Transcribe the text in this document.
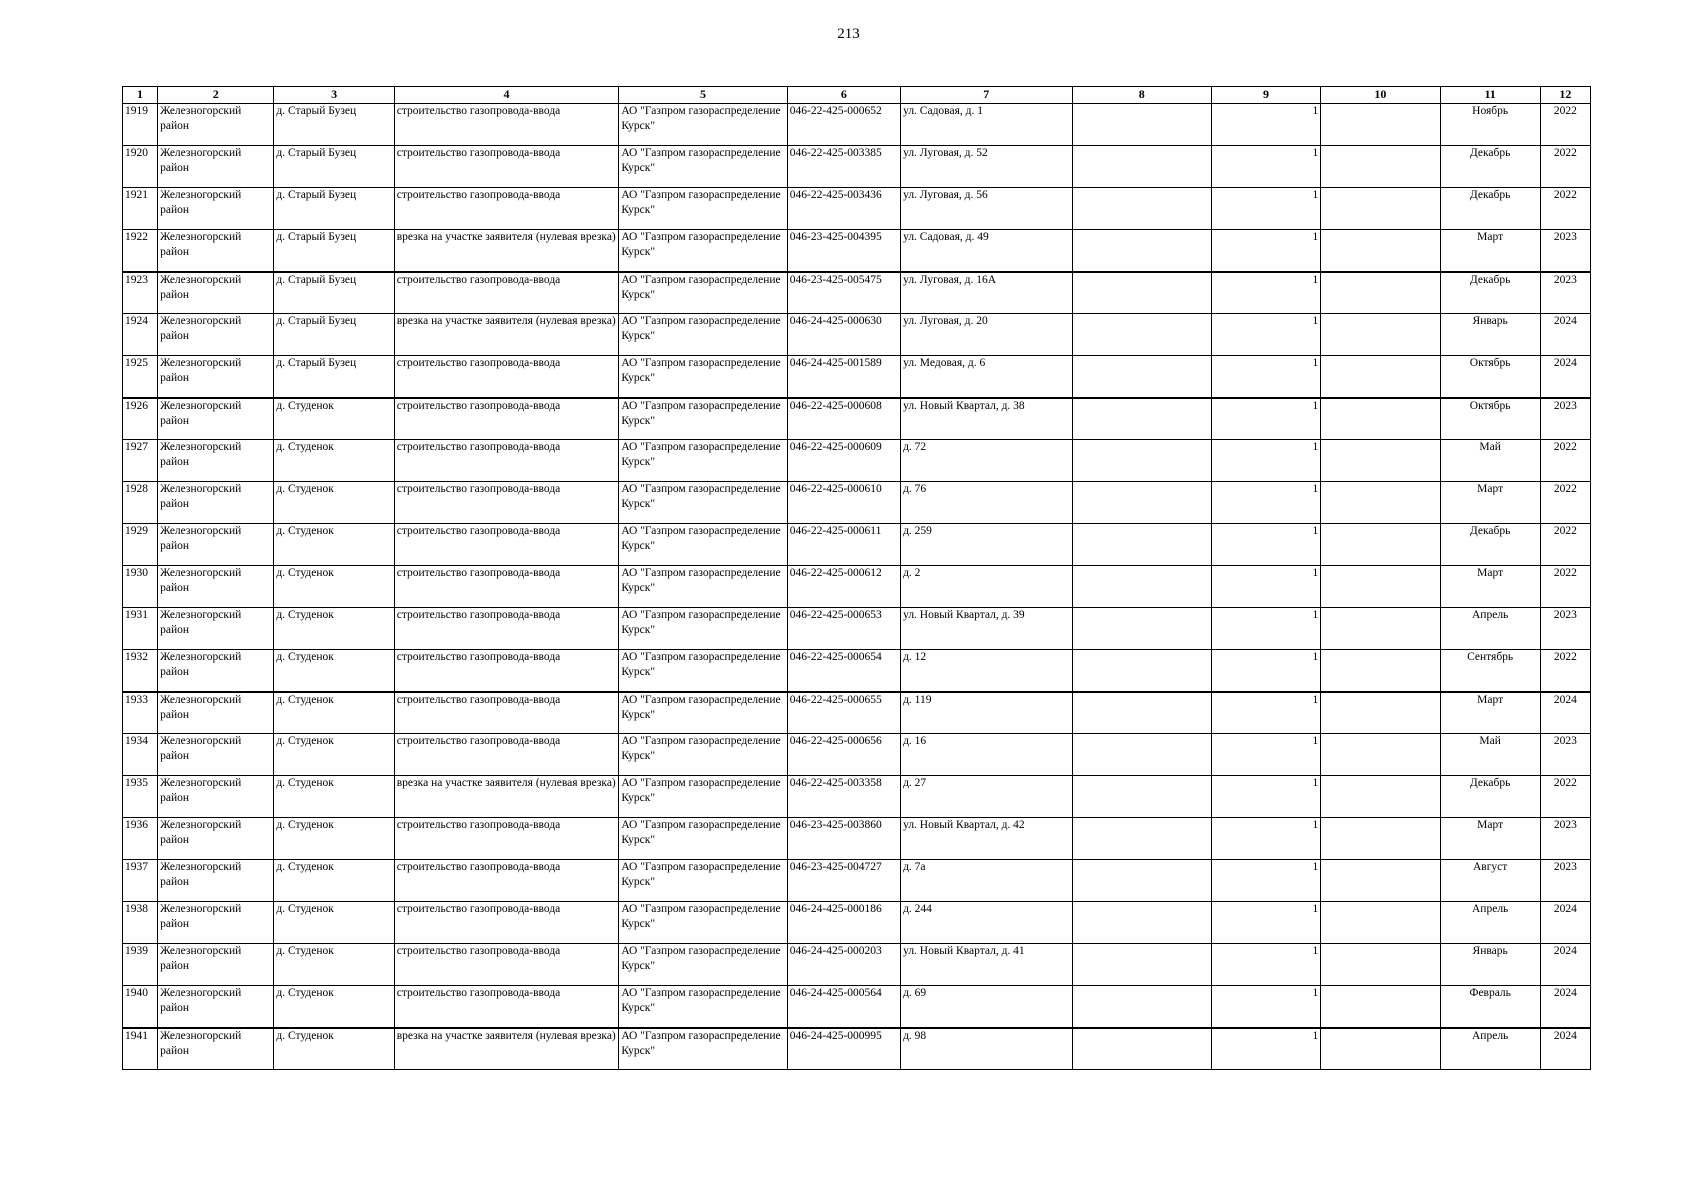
213
1	2	3	4	5	6	7	8	9	10	11	12
1919	Железногорский район	д. Старый Бузец	строительство газопровода-ввода	АО "Газпром газораспределение Курск"	046-22-425-000652	ул. Садовая, д. 1		1		Ноябрь	2022
1920	Железногорский район	д. Старый Бузец	строительство газопровода-ввода	АО "Газпром газораспределение Курск"	046-22-425-003385	ул. Луговая, д. 52		1		Декабрь	2022
1921	Железногорский район	д. Старый Бузец	строительство газопровода-ввода	АО "Газпром газораспределение Курск"	046-22-425-003436	ул. Луговая, д. 56		1		Декабрь	2022
1922	Железногорский район	д. Старый Бузец	врезка на участке заявителя (нулевая врезка)	АО "Газпром газораспределение Курск"	046-23-425-004395	ул. Садовая, д. 49		1		Март	2023
1923	Железногорский район	д. Старый Бузец	строительство газопровода-ввода	АО "Газпром газораспределение Курск"	046-23-425-005475	ул. Луговая, д. 16А		1		Декабрь	2023
1924	Железногорский район	д. Старый Бузец	врезка на участке заявителя (нулевая врезка)	АО "Газпром газораспределение Курск"	046-24-425-000630	ул. Луговая, д. 20		1		Январь	2024
1925	Железногорский район	д. Старый Бузец	строительство газопровода-ввода	АО "Газпром газораспределение Курск"	046-24-425-001589	ул. Медовая, д. 6		1		Октябрь	2024
1926	Железногорский район	д. Студенок	строительство газопровода-ввода	АО "Газпром газораспределение Курск"	046-22-425-000608	ул. Новый Квартал, д. 38		1		Октябрь	2023
1927	Железногорский район	д. Студенок	строительство газопровода-ввода	АО "Газпром газораспределение Курск"	046-22-425-000609	д. 72		1		Май	2022
1928	Железногорский район	д. Студенок	строительство газопровода-ввода	АО "Газпром газораспределение Курск"	046-22-425-000610	д. 76		1		Март	2022
1929	Железногорский район	д. Студенок	строительство газопровода-ввода	АО "Газпром газораспределение Курск"	046-22-425-000611	д. 259		1		Декабрь	2022
1930	Железногорский район	д. Студенок	строительство газопровода-ввода	АО "Газпром газораспределение Курск"	046-22-425-000612	д. 2		1		Март	2022
1931	Железногорский район	д. Студенок	строительство газопровода-ввода	АО "Газпром газораспределение Курск"	046-22-425-000653	ул. Новый Квартал, д. 39		1		Апрель	2023
1932	Железногорский район	д. Студенок	строительство газопровода-ввода	АО "Газпром газораспределение Курск"	046-22-425-000654	д. 12		1		Сентябрь	2022
1933	Железногорский район	д. Студенок	строительство газопровода-ввода	АО "Газпром газораспределение Курск"	046-22-425-000655	д. 119		1		Март	2024
1934	Железногорский район	д. Студенок	строительство газопровода-ввода	АО "Газпром газораспределение Курск"	046-22-425-000656	д. 16		1		Май	2023
1935	Железногорский район	д. Студенок	врезка на участке заявителя (нулевая врезка)	АО "Газпром газораспределение Курск"	046-22-425-003358	д. 27		1		Декабрь	2022
1936	Железногорский район	д. Студенок	строительство газопровода-ввода	АО "Газпром газораспределение Курск"	046-23-425-003860	ул. Новый Квартал, д. 42		1		Март	2023
1937	Железногорский район	д. Студенок	строительство газопровода-ввода	АО "Газпром газораспределение Курск"	046-23-425-004727	д. 7а		1		Август	2023
1938	Железногорский район	д. Студенок	строительство газопровода-ввода	АО "Газпром газораспределение Курск"	046-24-425-000186	д. 244		1		Апрель	2024
1939	Железногорский район	д. Студенок	строительство газопровода-ввода	АО "Газпром газораспределение Курск"	046-24-425-000203	ул. Новый Квартал, д. 41		1		Январь	2024
1940	Железногорский район	д. Студенок	строительство газопровода-ввода	АО "Газпром газораспределение Курск"	046-24-425-000564	д. 69		1		Февраль	2024
1941	Железногорский район	д. Студенок	врезка на участке заявителя (нулевая врезка)	АО "Газпром газораспределение Курск"	046-24-425-000995	д. 98		1		Апрель	2024
